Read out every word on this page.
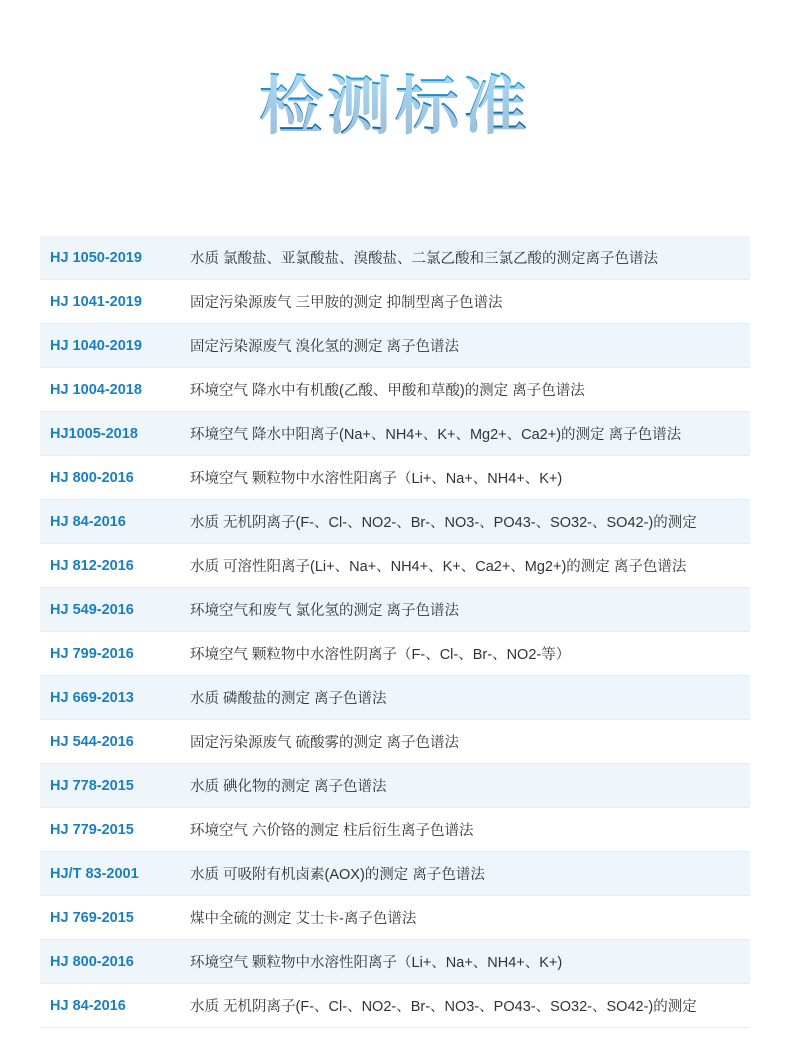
检测标准
HJ 1050-2019	水质 氯酸盐、亚氯酸盐、溴酸盐、二氯乙酸和三氯乙酸的测定离子色谱法
HJ 1041-2019	固定污染源废气 三甲胺的测定 抑制型离子色谱法
HJ 1040-2019	固定污染源废气 溴化氢的测定 离子色谱法
HJ 1004-2018	环境空气 降水中有机酸(乙酸、甲酸和草酸)的测定 离子色谱法
HJ1005-2018	环境空气 降水中阳离子(Na+、NH4+、K+、Mg2+、Ca2+)的测定 离子色谱法
HJ 800-2016	环境空气 颗粒物中水溶性阳离子（Li+、Na+、NH4+、K+)
HJ 84-2016	水质 无机阴离子(F-、Cl-、NO2-、Br-、NO3-、PO43-、SO32-、SO42-)的测定
HJ 812-2016	水质 可溶性阳离子(Li+、Na+、NH4+、K+、Ca2+、Mg2+)的测定 离子色谱法
HJ 549-2016	环境空气和废气 氯化氢的测定 离子色谱法
HJ 799-2016	环境空气 颗粒物中水溶性阴离子（F-、Cl-、Br-、NO2-等）
HJ 669-2013	水质 磷酸盐的测定 离子色谱法
HJ 544-2016	固定污染源废气 硫酸雾的测定 离子色谱法
HJ 778-2015	水质 碘化物的测定 离子色谱法
HJ 779-2015	环境空气 六价铬的测定 柱后衍生离子色谱法
HJ/T 83-2001	水质 可吸附有机卤素(AOX)的测定 离子色谱法
HJ 769-2015	煤中全硫的测定 艾士卡-离子色谱法
HJ 800-2016	环境空气 颗粒物中水溶性阳离子（Li+、Na+、NH4+、K+)
HJ 84-2016	水质 无机阴离子(F-、Cl-、NO2-、Br-、NO3-、PO43-、SO32-、SO42-)的测定
